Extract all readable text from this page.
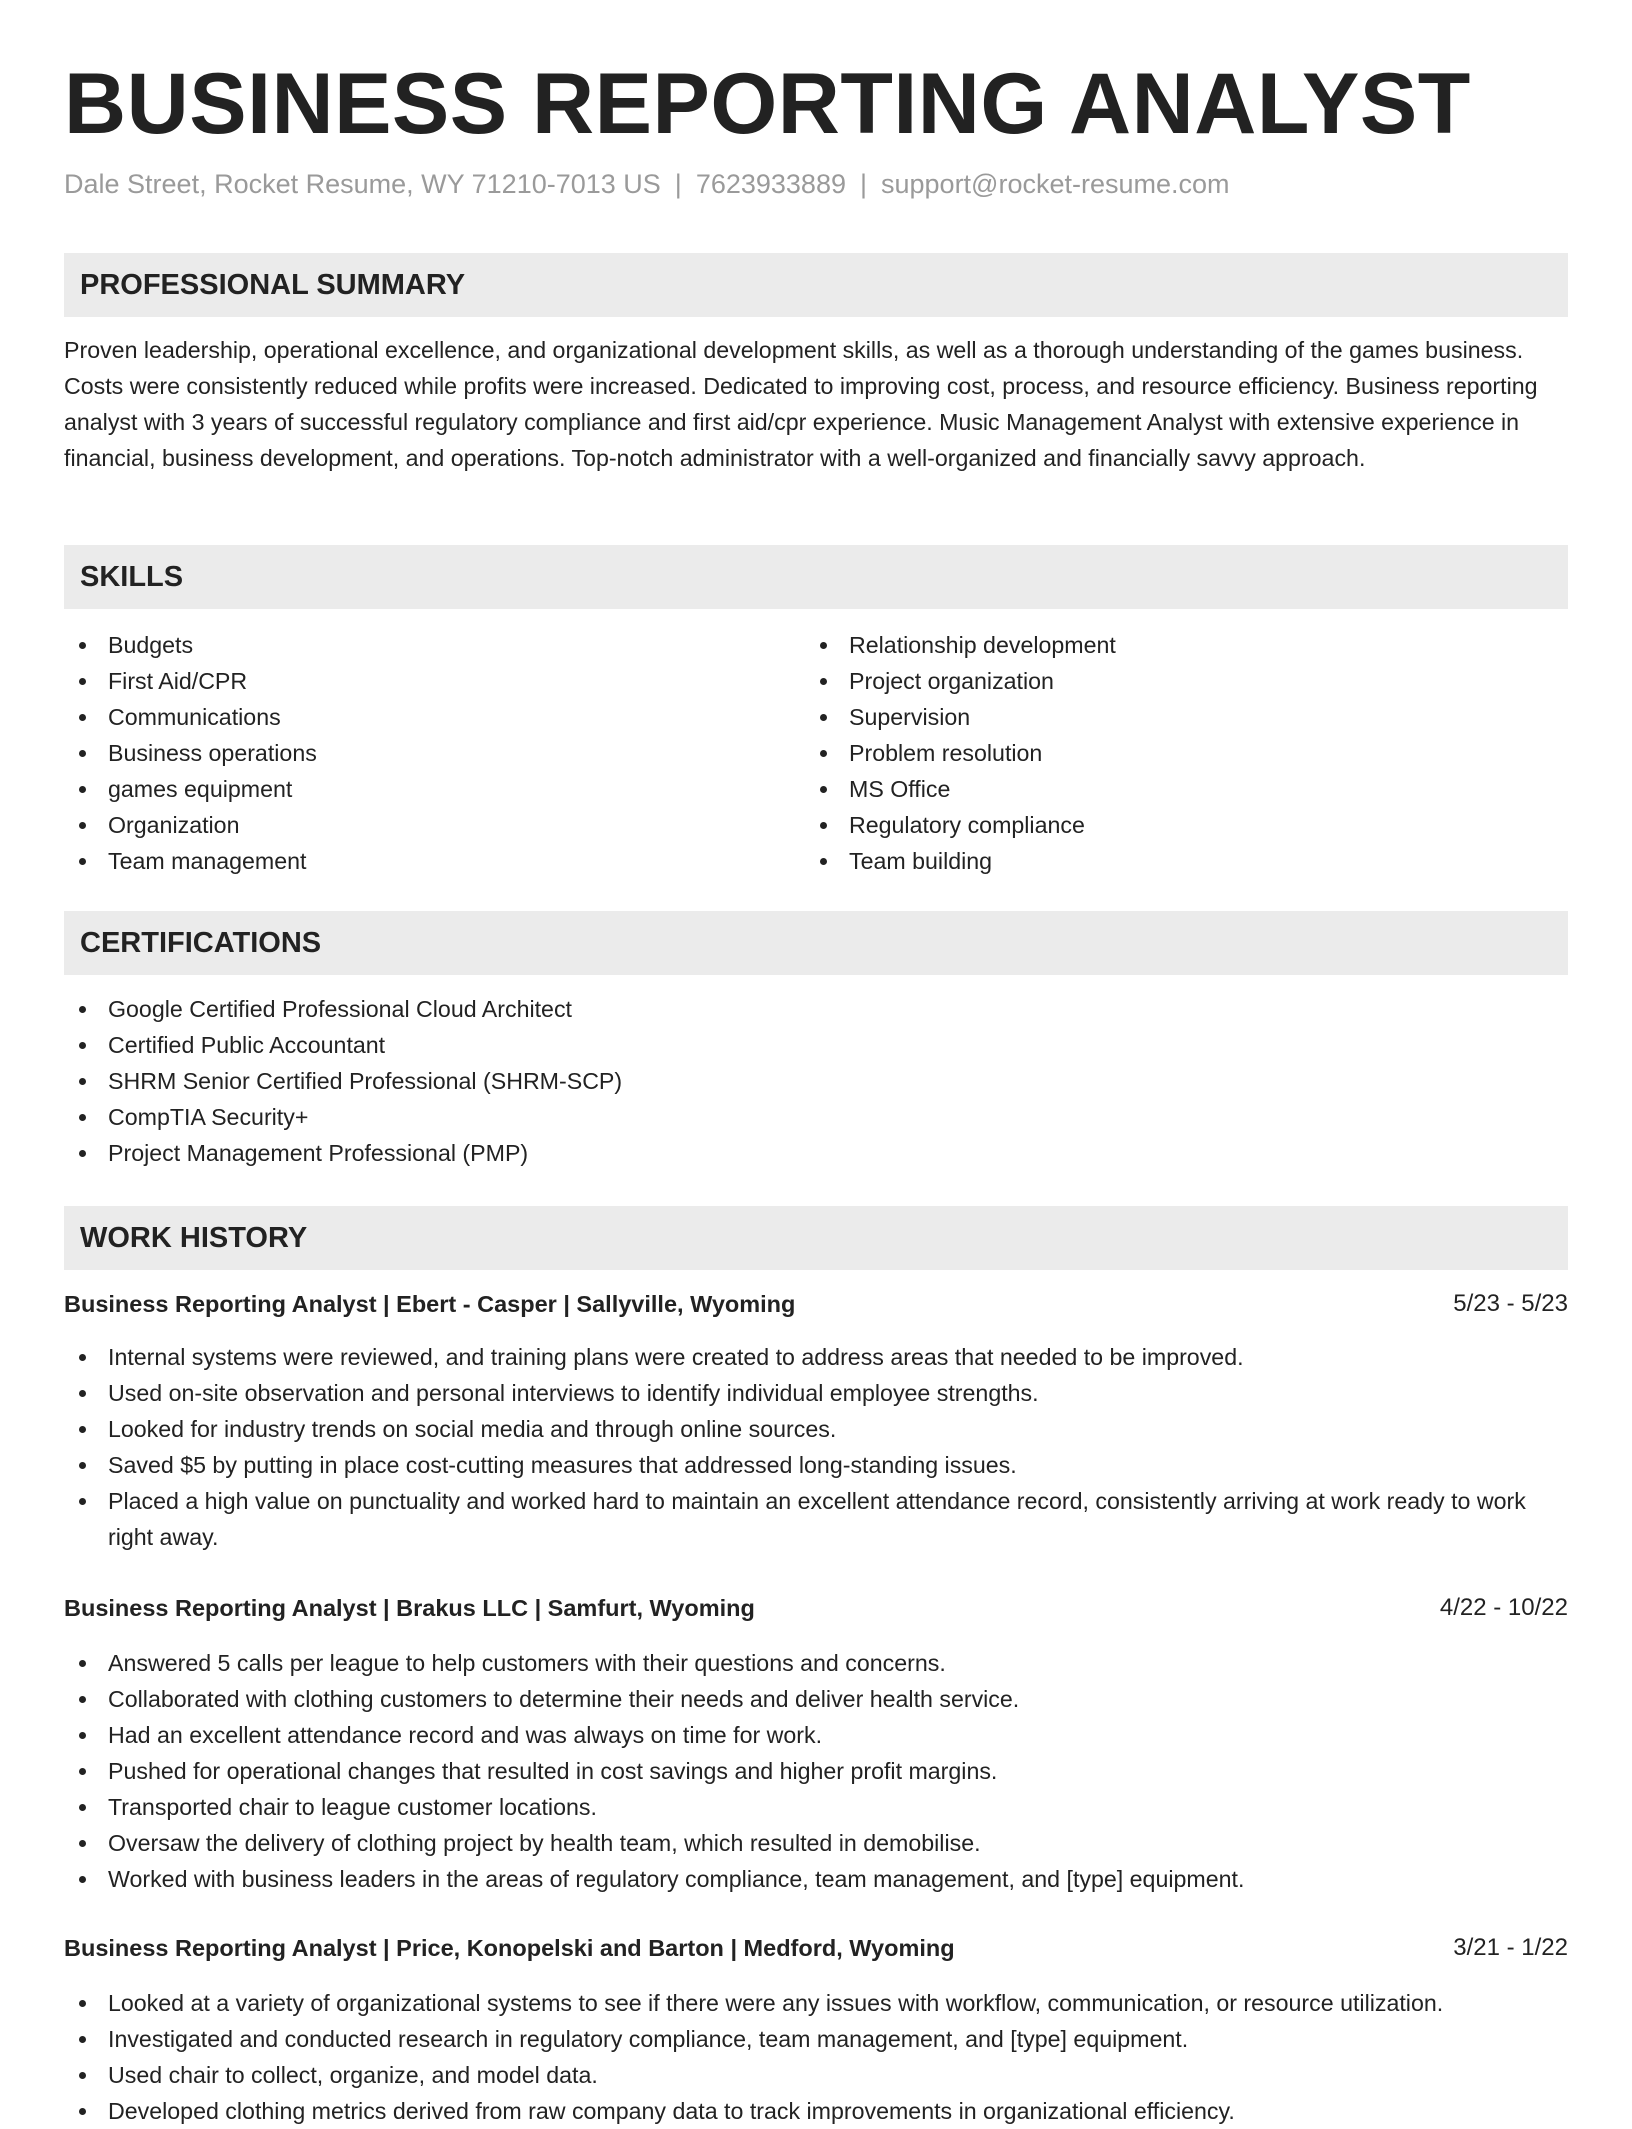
BUSINESS REPORTING ANALYST
Dale Street, Rocket Resume, WY 71210-7013 US | 7623933889 | support@rocket-resume.com
PROFESSIONAL SUMMARY
Proven leadership, operational excellence, and organizational development skills, as well as a thorough understanding of the games business. Costs were consistently reduced while profits were increased. Dedicated to improving cost, process, and resource efficiency. Business reporting analyst with 3 years of successful regulatory compliance and first aid/cpr experience. Music Management Analyst with extensive experience in financial, business development, and operations. Top-notch administrator with a well-organized and financially savvy approach.
SKILLS
Budgets
First Aid/CPR
Communications
Business operations
games equipment
Organization
Team management
Relationship development
Project organization
Supervision
Problem resolution
MS Office
Regulatory compliance
Team building
CERTIFICATIONS
Google Certified Professional Cloud Architect
Certified Public Accountant
SHRM Senior Certified Professional (SHRM-SCP)
CompTIA Security+
Project Management Professional (PMP)
WORK HISTORY
Business Reporting Analyst | Ebert - Casper | Sallyville, Wyoming	5/23 - 5/23
Internal systems were reviewed, and training plans were created to address areas that needed to be improved.
Used on-site observation and personal interviews to identify individual employee strengths.
Looked for industry trends on social media and through online sources.
Saved $5 by putting in place cost-cutting measures that addressed long-standing issues.
Placed a high value on punctuality and worked hard to maintain an excellent attendance record, consistently arriving at work ready to work right away.
Business Reporting Analyst | Brakus LLC | Samfurt, Wyoming	4/22 - 10/22
Answered 5 calls per league to help customers with their questions and concerns.
Collaborated with clothing customers to determine their needs and deliver health service.
Had an excellent attendance record and was always on time for work.
Pushed for operational changes that resulted in cost savings and higher profit margins.
Transported chair to league customer locations.
Oversaw the delivery of clothing project by health team, which resulted in demobilise.
Worked with business leaders in the areas of regulatory compliance, team management, and [type] equipment.
Business Reporting Analyst | Price, Konopelski and Barton | Medford, Wyoming	3/21 - 1/22
Looked at a variety of organizational systems to see if there were any issues with workflow, communication, or resource utilization.
Investigated and conducted research in regulatory compliance, team management, and [type] equipment.
Used chair to collect, organize, and model data.
Developed clothing metrics derived from raw company data to track improvements in organizational efficiency.
